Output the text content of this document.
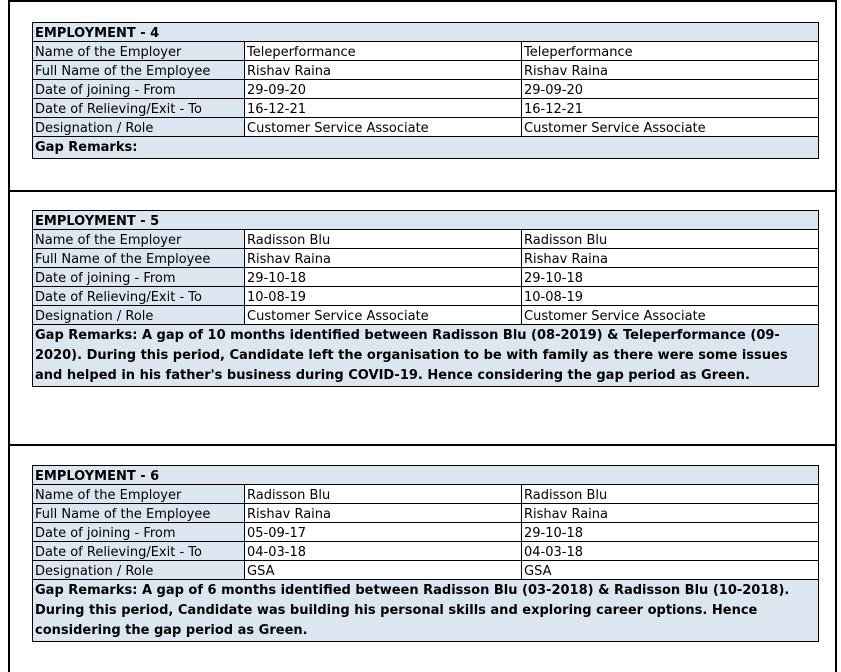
EMPLOYMENT - 4		
Name of the Employer	Teleperformance	Teleperformance
Full Name of the Employee	Rishav Raina	Rishav Raina
Date of joining - From	29-09-20	29-09-20
Date of Relieving/Exit - To	16-12-21	16-12-21
Designation / Role	Customer Service Associate	Customer Service Associate
Gap Remarks:		
EMPLOYMENT - 5		
Name of the Employer	Radisson Blu	Radisson Blu
Full Name of the Employee	Rishav Raina	Rishav Raina
Date of joining - From	29-10-18	29-10-18
Date of Relieving/Exit - To	10-08-19	10-08-19
Designation / Role	Customer Service Associate	Customer Service Associate
Gap Remarks: A gap of 10 months identified between Radisson Blu (08-2019) & Teleperformance (09-2020). During this period, Candidate left the organisation to be with family as there were some issues and helped in his father's business during COVID-19. Hence considering the gap period as Green.		
EMPLOYMENT - 6		
Name of the Employer	Radisson Blu	Radisson Blu
Full Name of the Employee	Rishav Raina	Rishav Raina
Date of joining - From	05-09-17	29-10-18
Date of Relieving/Exit - To	04-03-18	04-03-18
Designation / Role	GSA	GSA
Gap Remarks: A gap of 6 months identified between Radisson Blu (03-2018) & Radisson Blu (10-2018). During this period, Candidate was building his personal skills and exploring career options. Hence considering the gap period as Green.		
